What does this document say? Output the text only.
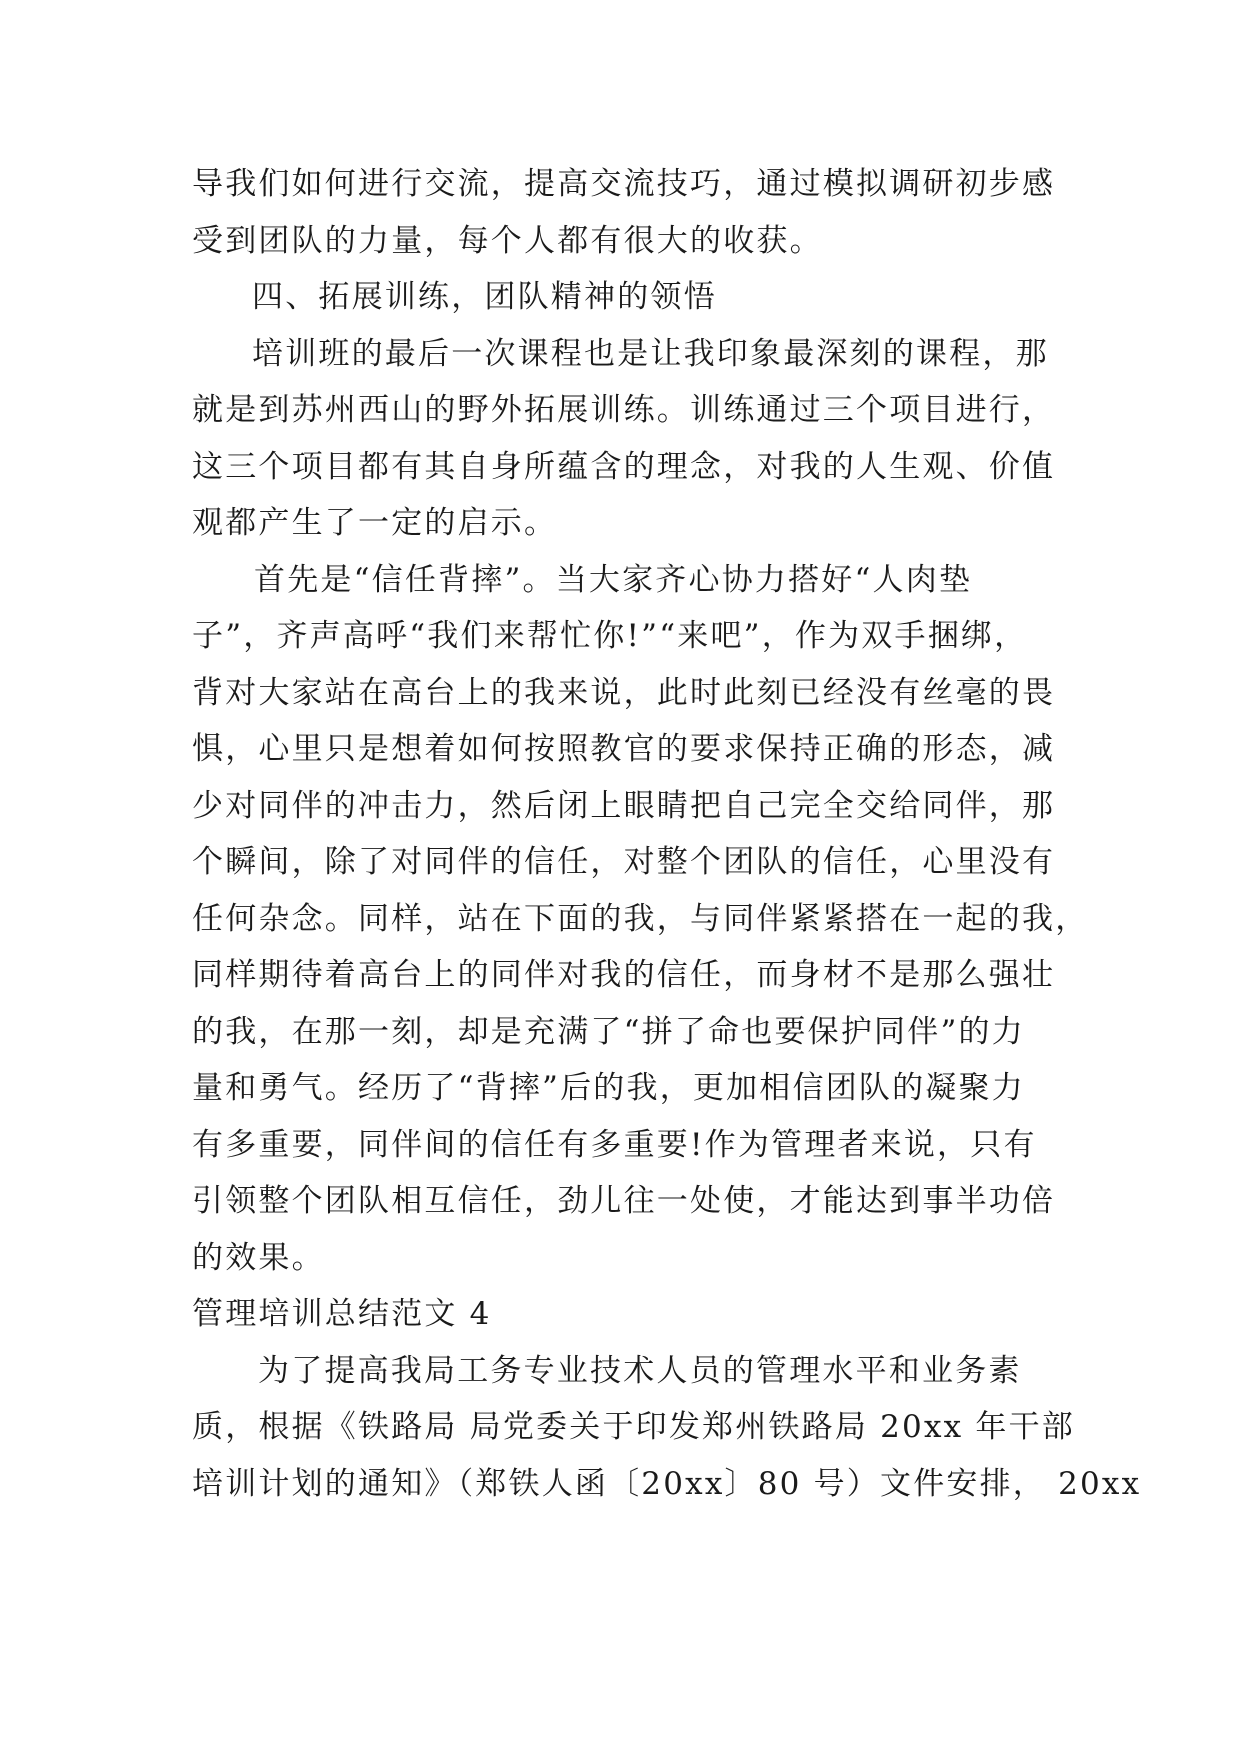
导我们如何进行交流，提高交流技巧，通过模拟调研初步感
受到团队的力量，每个人都有很大的收获。
四、拓展训练，团队精神的领悟
培训班的最后一次课程也是让我印象最深刻的课程，那
就是到苏州西山的野外拓展训练。训练通过三个项目进行，
这三个项目都有其自身所蕴含的理念，对我的人生观、价值
观都产生了一定的启示。
首先是“信任背摔”。当大家齐心协力搭好“人肉垫
子”，齐声高呼“我们来帮忙你!”“来吧”，作为双手捆绑，
背对大家站在高台上的我来说，此时此刻已经没有丝毫的畏
惧，心里只是想着如何按照教官的要求保持正确的形态，减
少对同伴的冲击力，然后闭上眼睛把自己完全交给同伴，那
个瞬间，除了对同伴的信任，对整个团队的信任，心里没有
任何杂念。同样，站在下面的我，与同伴紧紧搭在一起的我，
同样期待着高台上的同伴对我的信任，而身材不是那么强壮
的我，在那一刻，却是充满了“拼了命也要保护同伴”的力
量和勇气。经历了“背摔”后的我，更加相信团队的凝聚力
有多重要，同伴间的信任有多重要!作为管理者来说，只有
引领整个团队相互信任，劲儿往一处使，才能达到事半功倍
的效果。
管理培训总结范文 4
为了提高我局工务专业技术人员的管理水平和业务素
质，根据《铁路局 局党委关于印发郑州铁路局 20xx 年干部
培训计划的通知》（郑铁人函〔20xx〕80 号）文件安排， 20xx
